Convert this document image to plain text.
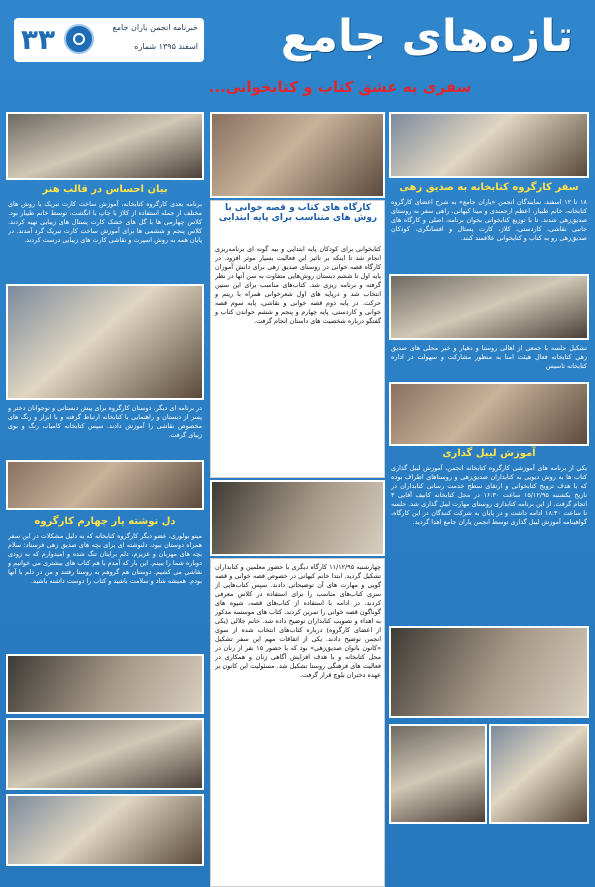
تازه‌های جامع
سفری به عشق کتاب و کتابخوانی...
۳۳	خبرنامه انجمن یاران جامع
اسفند ۱۳۹۵ شماره
سفر کارگروه کتابخانه به صدیق زهی
۱۸ تا ۱۲ اسفند، نمایندگان انجمن «یاران جامع» به شرح اعضای کارگروه کتابخانه، خانم طیبار، اعظم ارجمندی و مینا کیهانی، راهی سفر به روستای صدیق‌زهی شدند. تا با توزیع کتابخوانی بخوان برنامه، اصلی و کارگاه های جانبی نقاشی، کاردستی، کلاژ، کارت پستال و افسانگری، کودکان صدیق‌زهی رو به کتاب و کتابخوانی علاقمند کنند.
تشکیل جلسه با جمعی از اهالی روستا و دهیار و خیر محلی های صدیق زهی کتابخانه فعال هیئت امنا به منظور مشارکت و سهولت در اداره کتابخانه تاسیس
آموزش لیبل گذاری
یکی از برنامه های آموزشی کارگروه کتابخانه انجمن، آموزش لیبل گذاری کتاب ها به روش دیویی به کتابداران صدیق‌زهی و روستاهای اطراف بوده که با هدف ترویج کتابخوانی و ارتقای سطح خدمت رسانی کتابداران در تاریخ یکشنبه ۱۵/۱۲/۹۵ ساعت ۱۶:۳۰ در محل کتابخانه کانیف آقایی ۳ اتجام گرفت. از این برنامه کتابداری روستای مهارت لیبل گذاری شد. جلسه تا ساعت ۱۸:۳۰ ادامه داشت و در پایان به شرکت کنندگان در این کارگاه، گواهینامه آموزش لیبل گذاری توسط انجمن یاران جامع اهدا گردید.
کارگاه های کتاب و قصه خوانی با روش های متناسب برای پایه ابتدایی
کتابخوانی برای کودکان پایه ابتدایی و بیه گونه ای برنامه‌ریزی انجام شد تا اینکه بر تاثیر این فعالیت بسیار موثر افزود. در کارگاه قصه خوانی در روستای صدیق زهی برای دانش آموزان پایه اول تا ششم دبستان روش‌هایی متفاوت به سن آنها در نظر گرفته و برنامه ریزی شد. کتاب‌های مناسب برای این سنین انتخاب شد و درپایه های اول شعرخوانی همراه با ریتم و حرکت. در پایه دوم قصه خوانی و نقاشی، پایه سوم قصه خوانی و کاردستی، پایه چهارم و پنجم و ششم خواندن کتاب و گفتگو درباره شخصیت های داستان انجام گرفت.
چهارشنبه ۱۱/۱۲/۹۵ کارگاه دیگری با حضور معلمین و کتابداران تشکیل گردید. ابتدا خانم کیهانی در خصوص قصه خوانی و قصه گویی و مهارت های آن توضیحاتی دادند. سپس کتاب‌هایی از سری کتاب‌های مناسب را برای استفاده در کلاس معرفی کردند. در ادامه با استفاده از کتاب‌های قصه، شیوه های گوناگون قصه خوانی را تمرین کردند. کتاب های موسسه مذکور به اهداء و تصویب کتابداران توضیح داده شد. خانم جلالی (یکی از اعضای کارگروه) درباره کتاب‌های انتخاب شده از سوی انجمن توضیح دادند. یکی از اتفاقات مهم این سفر تشکیل «کانون بانوان صدیق‌زهی» بود که با حضور ۱۵ نفر از زنان در محل کتابخانه و با هدف افزایش آگاهی زنان و همکاری در فعالیت های فرهنگی روستا تشکیل شد. مسئولیت این کانون بر عهده دختران بلوچ قرار گرفت.
بیان احساس در قالب هنر
برنامه بعدی کارگروه کتابخانه، آموزش ساخت کارت تبریک با روش های مختلف از جمله استفاده از کلاژ با چاپ با انگشت، توسط خانم طیبار بود. کلاس چهارمی ها با گل های خشک کارت پستال های زیبایی تهیه کردند. کلاس پنجم و ششمی ها برای آموزش ساخت کارت تبریک گرد آمدند. در پایان همه به روش اسپرت و نقاشی کارت های زیبایی درست کردند.
در برنامه ای دیگر، دوستان کارگروه برای پیش دبستانی و نوجوانان دختر و پسر از دبستان و راهنمایی با کتابخانه ارتباط گرفته و با ابزار و رنگ های مخصوص نقاشی را آموزش دادند. سپس کتابخانه کامیاب رنگ و بوی زیبای گرفت.
دل نوشته یار چهارم کارگروه
مینو بولوری، عضو دیگر کارگروه کتابخانه که به دلیل مشکلات در این سفر همراه دوستان نبود، دلنوشته ای برای بچه های صدیق زهی فرستاد: سلام بچه های مهربان و عزیزم، دلم برایتان تنگ شده و امیدوارم که به زودی دوباره شما را ببینم. این بار که آمدم با هم کتاب های بیشتری می خوانیم و نقاشی می کشیم. دوستان هم گروهم به روستا رفتند و من در دلم با آنها بودم. همیشه شاد و سلامت باشید و کتاب را دوست داشته باشید.
